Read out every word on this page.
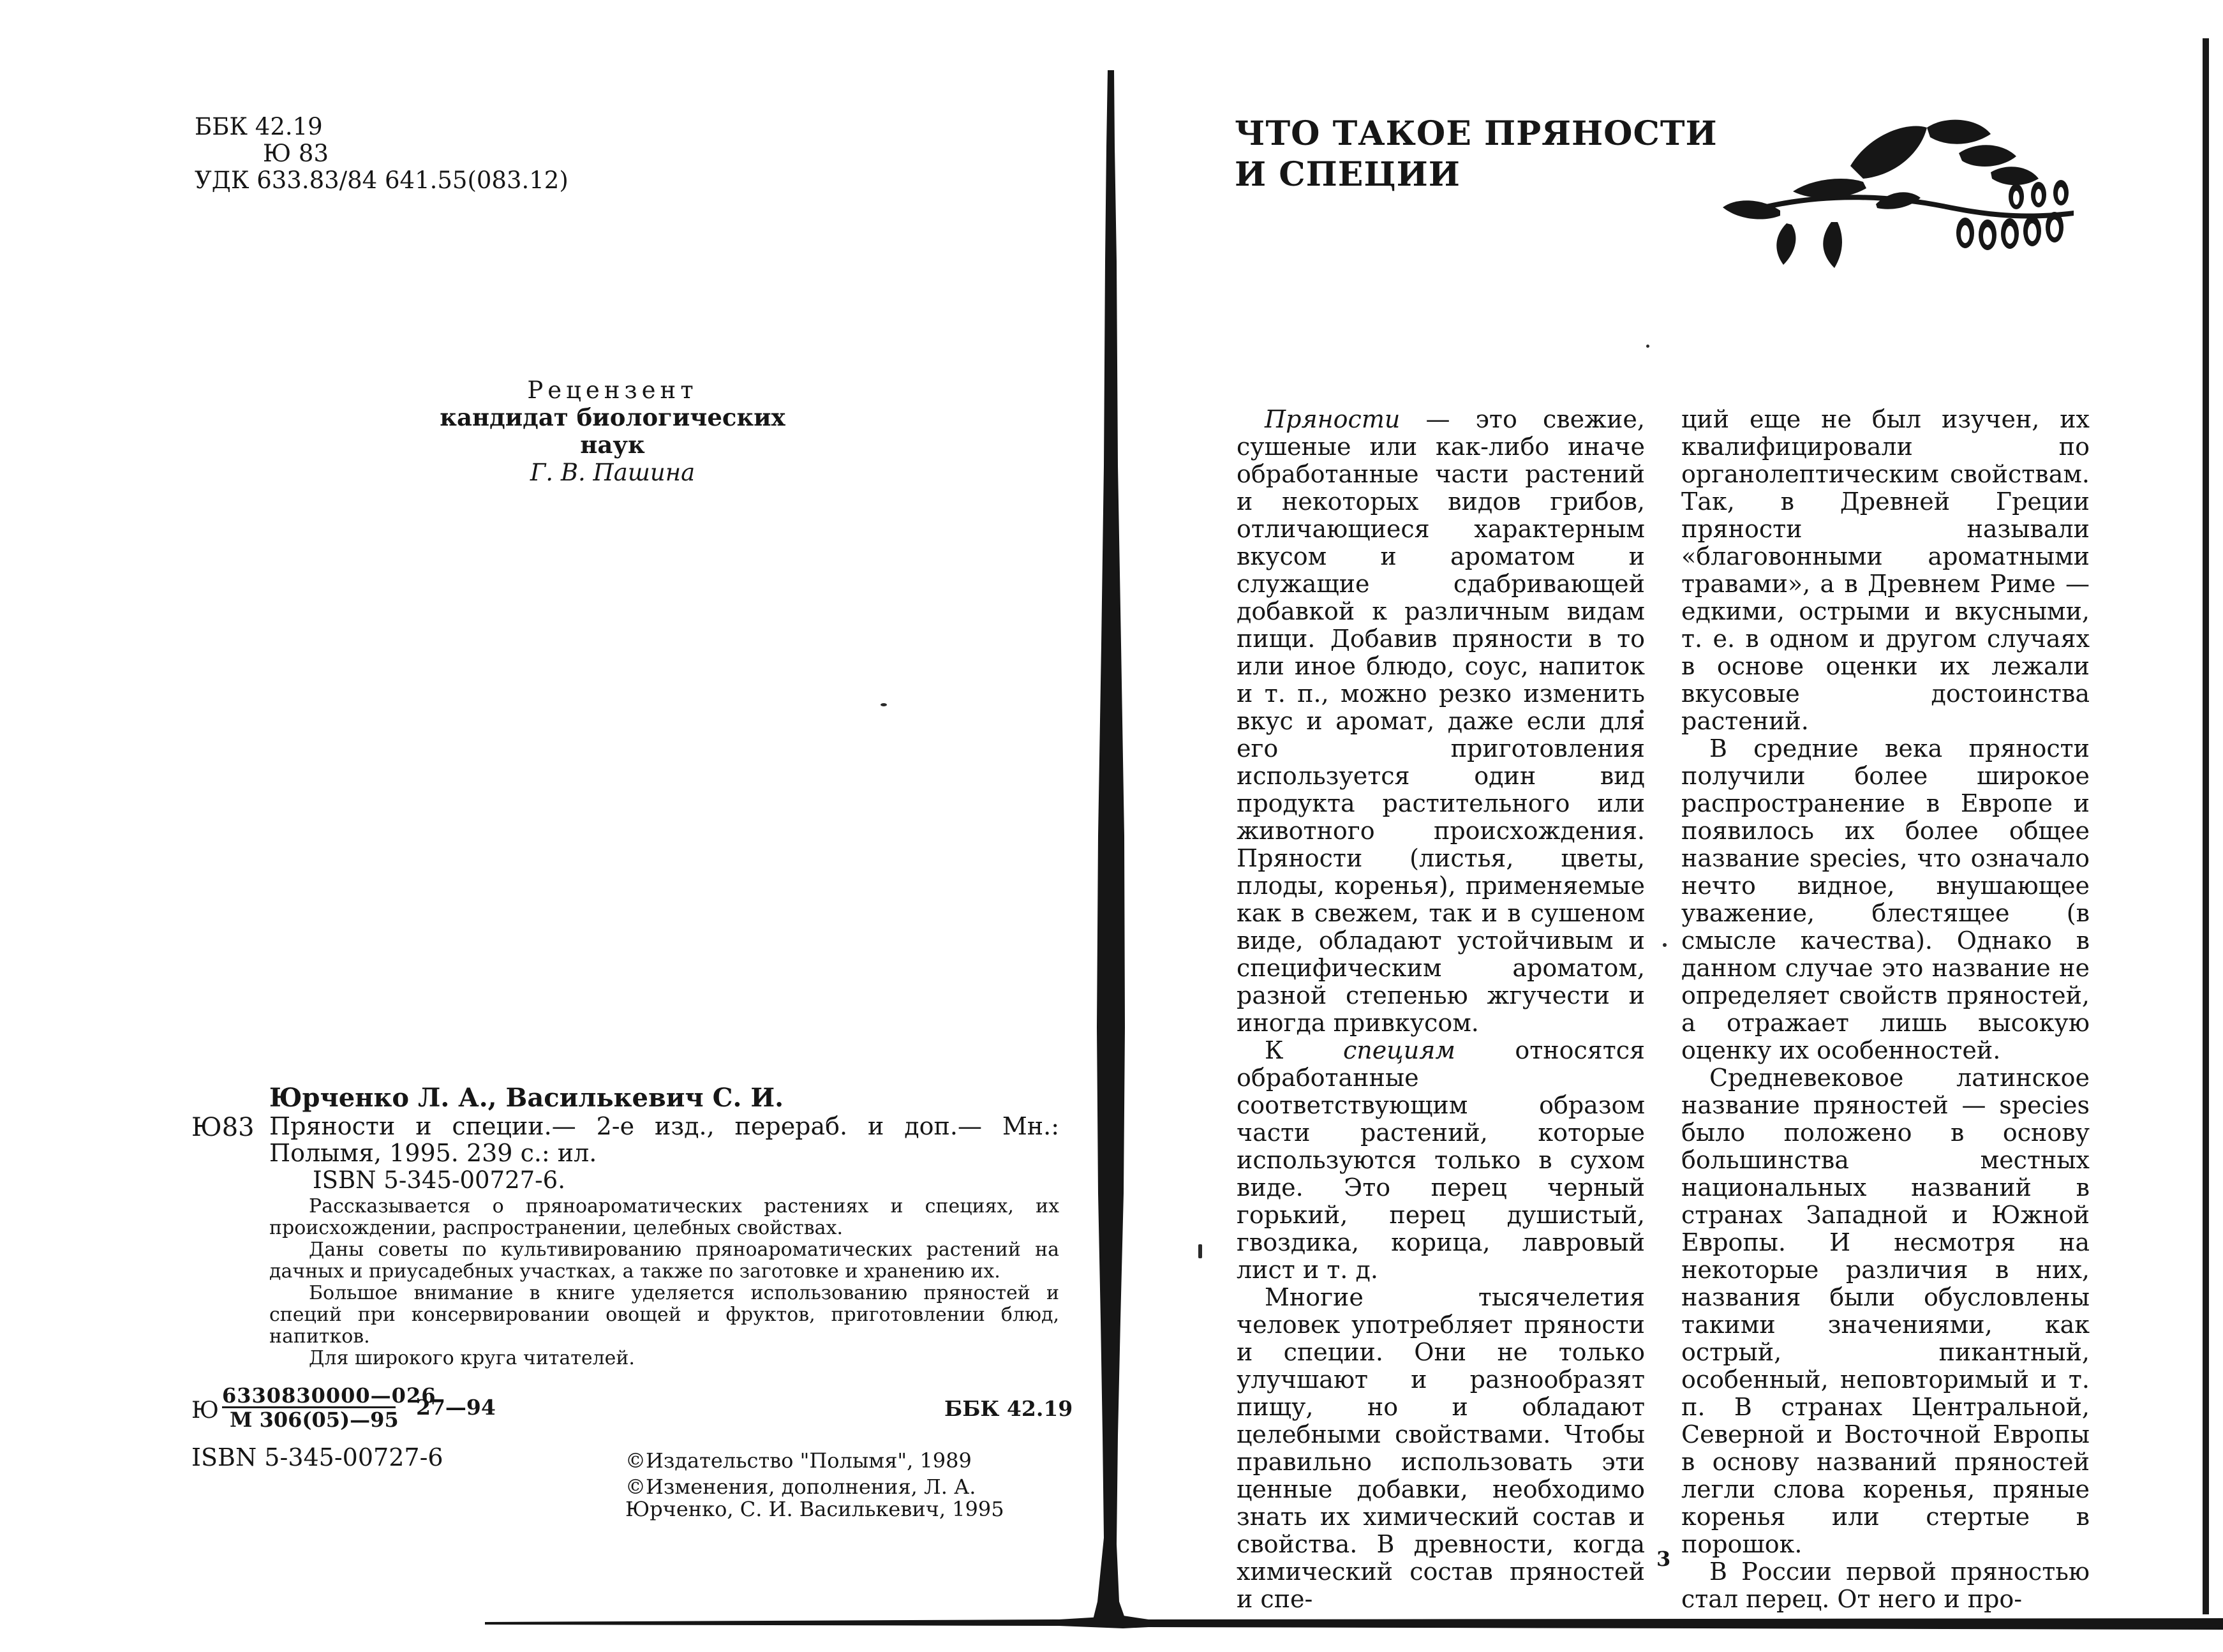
ББК 42.19
Ю 83
УДК 633.83/84 641.55(083.12)
Рецензент
кандидат биологических наук
Г. В. Пашина
Юрченко Л. А., Василькевич С. И.
Ю83 Пряности и специи.— 2-е изд., перераб. и доп.— Мн.: Полымя, 1995. 239 с.: ил.
ISBN 5-345-00727-6.

Рассказывается о пряноароматических растениях и специях, их происхождении, распространении, целебных свойствах.

Даны советы по культивированию пряноароматических растений на дачных и приусадебных участках, а также по заготовке и хранению их.

Большое внимание в книге уделяется использованию пряностей и специй при консервировании овощей и фруктов, приготовлении блюд, напитков.

Для широкого круга читателей.

Ю
6330830000—026
М 306(05)—95 27—94	ББК 42.19
ISBN 5-345-00727-6	©Издательство "Полымя", 1989
©Изменения, дополнения, Л. А. Юрченко, С. И. Василькевич, 1995
ЧТО ТАКОЕ ПРЯНОСТИ
И СПЕЦИИ

Пряности — это свежие, сушеные или как-либо иначе обработанные части растений и некоторых видов грибов, отличающиеся характерным вкусом и ароматом и служащие сдабривающей добавкой к различным видам пищи. Добавив пряности в то или иное блюдо, соус, напиток и т. п., можно резко изменить вкус и аромат, даже если для его приготовления используется один вид продукта растительного или животного происхождения. Пряности (листья, цветы, плоды, коренья), применяемые как в свежем, так и в сушеном виде, обладают устойчивым и специфическим ароматом, разной степенью жгучести и иногда привкусом.

К специям относятся обработанные соответствующим образом части растений, которые используются только в сухом виде. Это перец черный горький, перец душистый, гвоздика, корица, лавровый лист и т. д.

Многие тысячелетия человек употребляет пряности и специи. Они не только улучшают и разнообразят пищу, но и обладают целебными свойствами. Чтобы правильно использовать эти ценные добавки, необходимо знать их химический состав и свойства. В древности, когда химический состав пряностей и спе-

ций еще не был изучен, их квалифицировали по органолептическим свойствам. Так, в Древней Греции пряности называли «благовонными ароматными травами», а в Древнем Риме — едкими, острыми и вкусными, т. е. в одном и другом случаях в основе оценки их лежали вкусовые достоинства растений.

В средние века пряности получили более широкое распространение в Европе и появилось их более общее название species, что означало нечто видное, внушающее уважение, блестящее (в смысле качества). Однако в данном случае это название не определяет свойств пряностей, а отражает лишь высокую оценку их особенностей.

Средневековое латинское название пряностей — species было положено в основу большинства местных национальных названий в странах Западной и Южной Европы. И несмотря на некоторые различия в них, названия были обусловлены такими значениями, как острый, пикантный, особенный, неповторимый и т. п. В странах Центральной, Северной и Восточной Европы в основу названий пряностей легли слова коренья, пряные коренья или стертые в порошок.

В России первой пряностью стал перец. От него и про-

3
